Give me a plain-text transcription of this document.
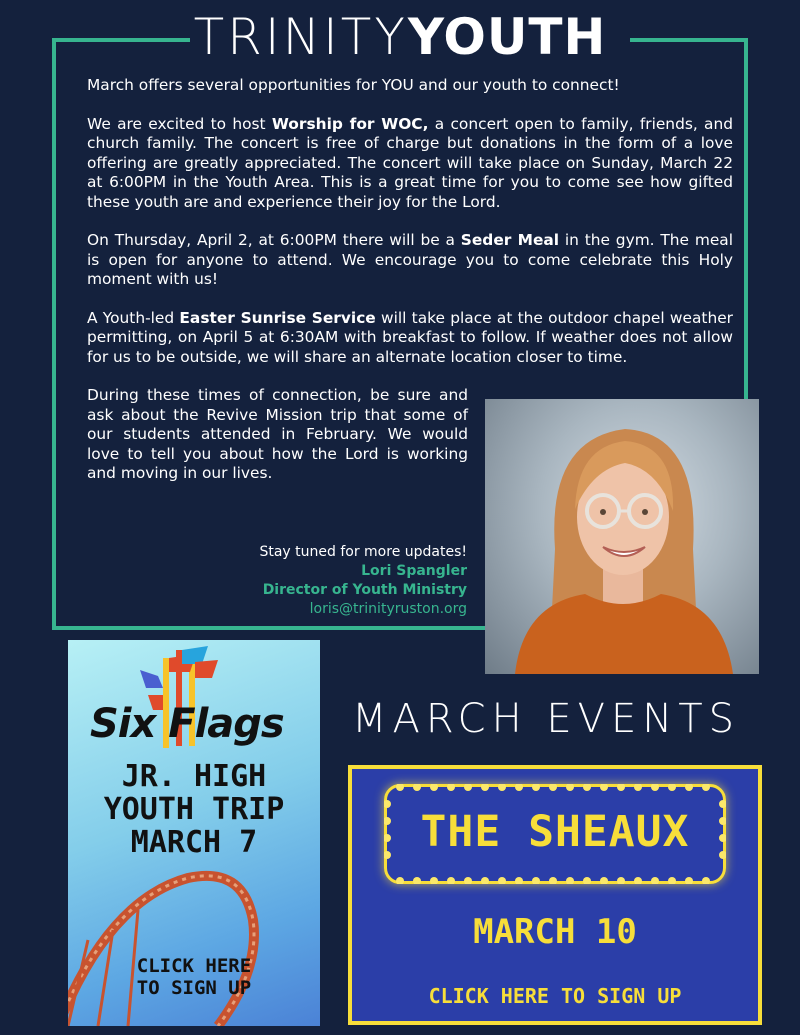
TRINITYYOUTH

March offers several opportunities for YOU and our youth to connect!

We are excited to host Worship for WOC, a concert open to family, friends, and church family. The concert is free of charge but donations in the form of a love offering are greatly appreciated. The concert will take place on Sunday, March 22 at 6:00PM in the Youth Area. This is a great time for you to come see how gifted these youth are and experience their joy for the Lord.

On Thursday, April 2, at 6:00PM there will be a Seder Meal in the gym. The meal is open for anyone to attend. We encourage you to come celebrate this Holy moment with us!

A Youth-led Easter Sunrise Service will take place at the outdoor chapel weather permitting, on April 5 at 6:30AM with breakfast to follow. If weather does not allow for us to be outside, we will share an alternate location closer to time.

During these times of connection, be sure and ask about the Revive Mission trip that some of our students attended in February. We would love to tell you about how the Lord is working and moving in our lives.

Stay tuned for more updates!
Lori Spangler
Director of Youth Ministry
loris@trinityruston.org
Six Flags
JR. HIGH
YOUTH TRIP
MARCH 7
CLICK HERE
TO SIGN UP
MARCH EVENTS
THE SHEAUX
MARCH 10
CLICK HERE TO SIGN UP
